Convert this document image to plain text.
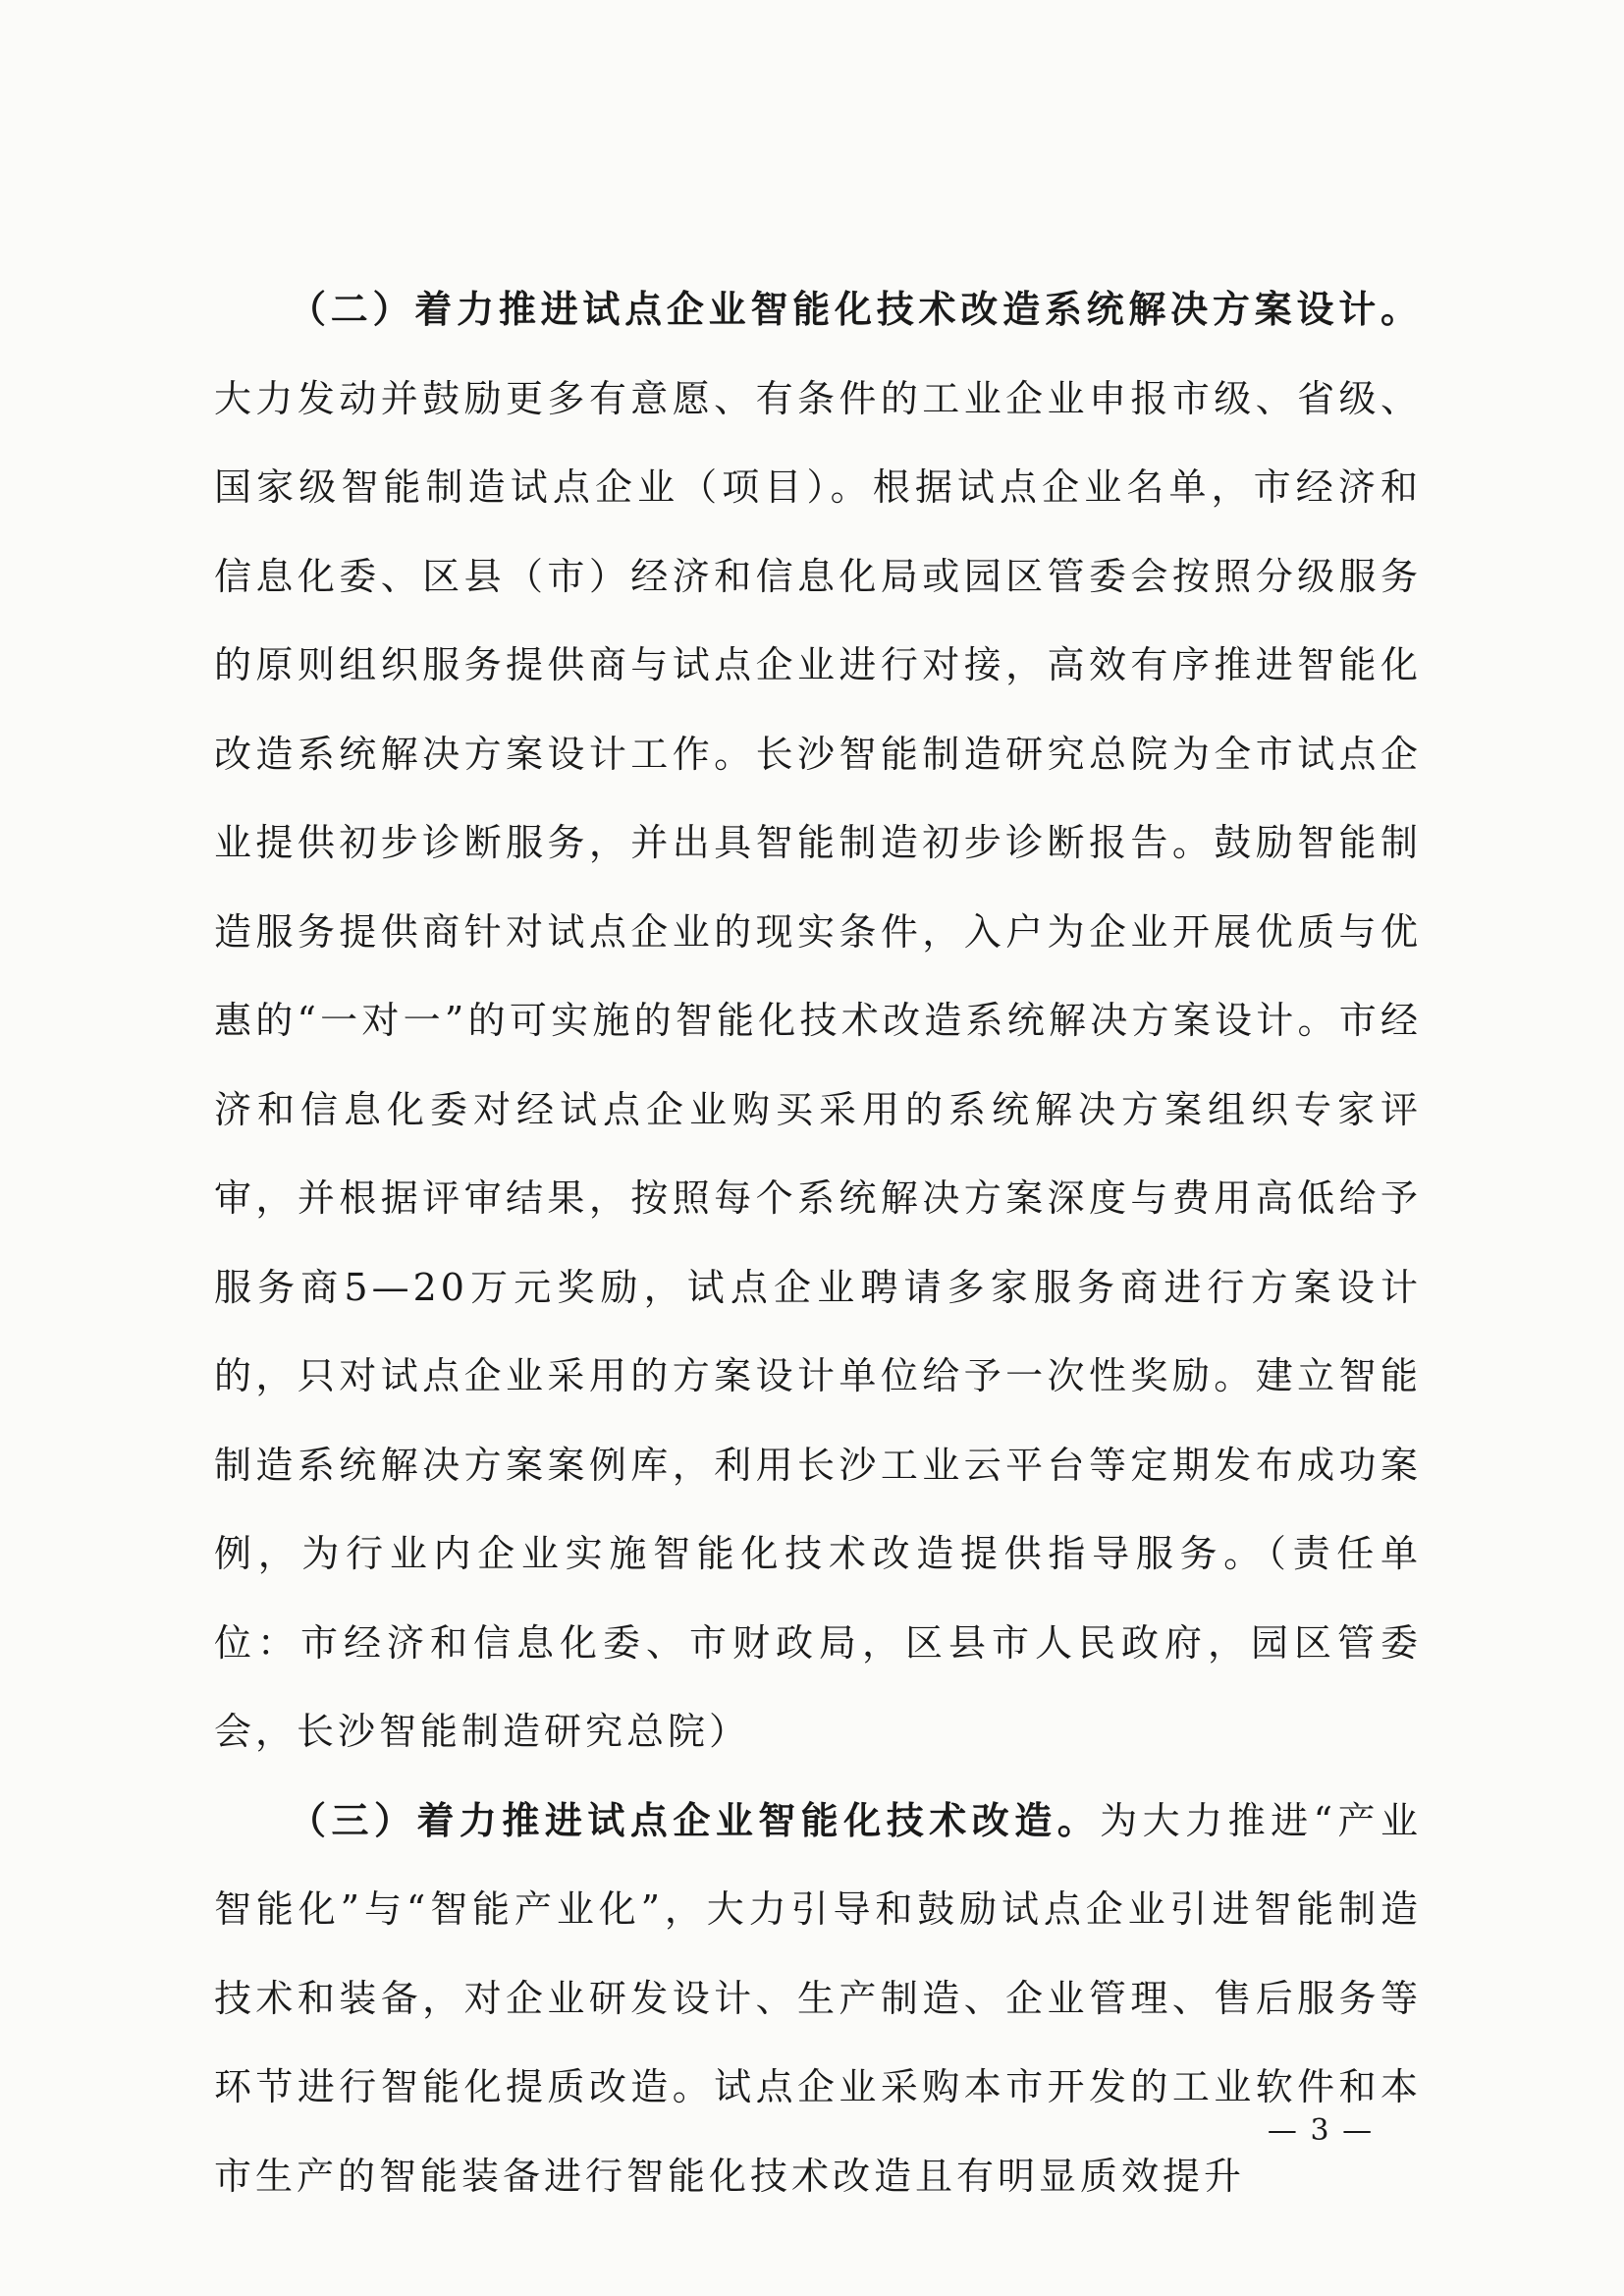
（二）着力推进试点企业智能化技术改造系统解决方案设计。大力发动并鼓励更多有意愿、有条件的工业企业申报市级、省级、国家级智能制造试点企业（项目）。根据试点企业名单，市经济和信息化委、区县（市）经济和信息化局或园区管委会按照分级服务的原则组织服务提供商与试点企业进行对接，高效有序推进智能化改造系统解决方案设计工作。长沙智能制造研究总院为全市试点企业提供初步诊断服务，并出具智能制造初步诊断报告。鼓励智能制造服务提供商针对试点企业的现实条件，入户为企业开展优质与优惠的“一对一”的可实施的智能化技术改造系统解决方案设计。市经济和信息化委对经试点企业购买采用的系统解决方案组织专家评审，并根据评审结果，按照每个系统解决方案深度与费用高低给予服务商5—20万元奖励，试点企业聘请多家服务商进行方案设计的，只对试点企业采用的方案设计单位给予一次性奖励。建立智能制造系统解决方案案例库，利用长沙工业云平台等定期发布成功案例，为行业内企业实施智能化技术改造提供指导服务。（责任单位：市经济和信息化委、市财政局，区县市人民政府，园区管委会，长沙智能制造研究总院）

（三）着力推进试点企业智能化技术改造。为大力推进“产业智能化”与“智能产业化”，大力引导和鼓励试点企业引进智能制造技术和装备，对企业研发设计、生产制造、企业管理、售后服务等环节进行智能化提质改造。试点企业采购本市开发的工业软件和本市生产的智能装备进行智能化技术改造且有明显质效提升

— 3 —
